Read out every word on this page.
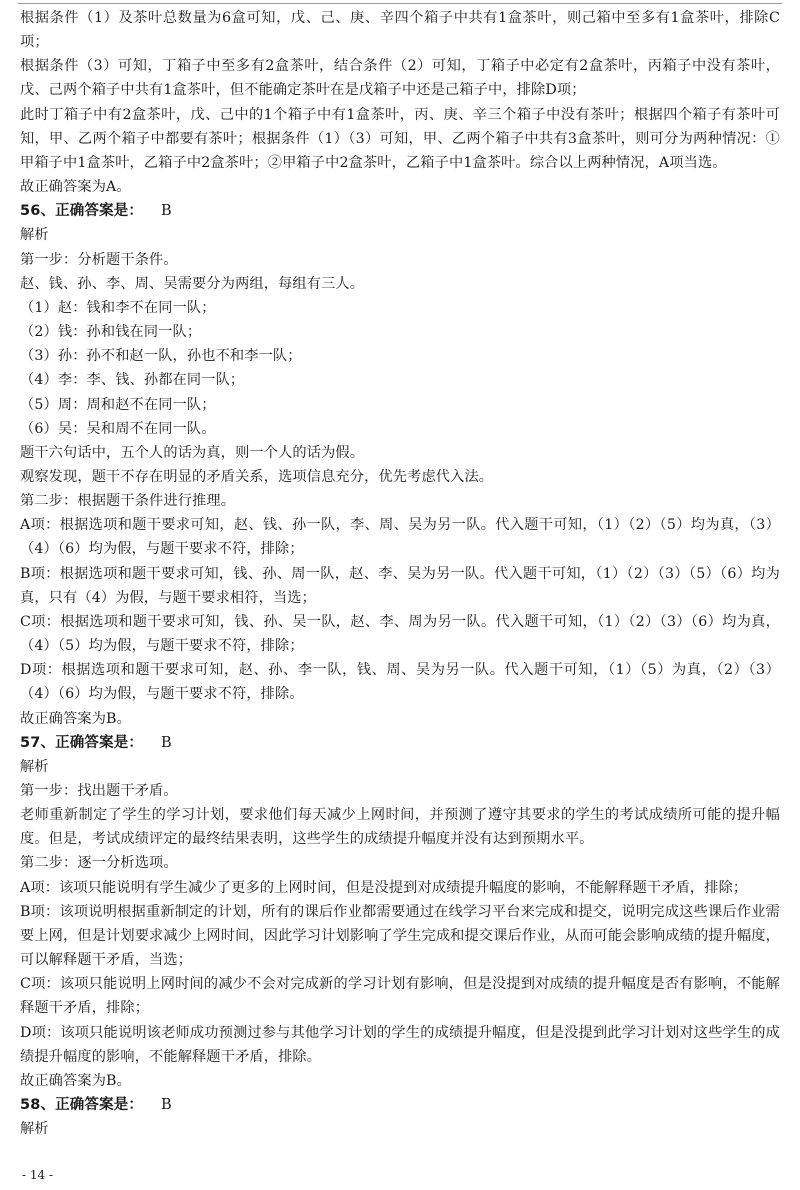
根据条件（1）及茶叶总数量为6盒可知，戊、己、庚、辛四个箱子中共有1盒茶叶，则己箱中至多有1盒茶叶，排除C项；

根据条件（3）可知，丁箱子中至多有2盒茶叶，结合条件（2）可知，丁箱子中必定有2盒茶叶，丙箱子中没有茶叶，戊、己两个箱子中共有1盒茶叶，但不能确定茶叶在是戊箱子中还是己箱子中，排除D项；

此时丁箱子中有2盒茶叶，戊、己中的1个箱子中有1盒茶叶，丙、庚、辛三个箱子中没有茶叶；根据四个箱子有茶叶可知，甲、乙两个箱子中都要有茶叶；根据条件（1）（3）可知，甲、乙两个箱子中共有3盒茶叶，则可分为两种情况：①甲箱子中1盒茶叶，乙箱子中2盒茶叶；②甲箱子中2盒茶叶，乙箱子中1盒茶叶。综合以上两种情况，A项当选。

故正确答案为A。

56、正确答案是： B

解析

第一步：分析题干条件。

赵、钱、孙、李、周、吴需要分为两组，每组有三人。

（1）赵：钱和李不在同一队；

（2）钱：孙和钱在同一队；

（3）孙：孙不和赵一队，孙也不和李一队；

（4）李：李、钱、孙都在同一队；

（5）周：周和赵不在同一队；

（6）吴：吴和周不在同一队。

题干六句话中，五个人的话为真，则一个人的话为假。

观察发现，题干不存在明显的矛盾关系，选项信息充分，优先考虑代入法。

第二步：根据题干条件进行推理。

A项：根据选项和题干要求可知，赵、钱、孙一队，李、周、吴为另一队。代入题干可知，（1）（2）（5）均为真，（3）（4）（6）均为假，与题干要求不符，排除；

B项：根据选项和题干要求可知，钱、孙、周一队，赵、李、吴为另一队。代入题干可知，（1）（2）（3）（5）（6）均为真，只有（4）为假，与题干要求相符，当选；

C项：根据选项和题干要求可知，钱、孙、吴一队，赵、李、周为另一队。代入题干可知，（1）（2）（3）（6）均为真，（4）（5）均为假，与题干要求不符，排除；

D项：根据选项和题干要求可知，赵、孙、李一队，钱、周、吴为另一队。代入题干可知，（1）（5）为真，（2）（3）（4）（6）均为假，与题干要求不符，排除。

故正确答案为B。

57、正确答案是： B

解析

第一步：找出题干矛盾。

老师重新制定了学生的学习计划，要求他们每天减少上网时间，并预测了遵守其要求的学生的考试成绩所可能的提升幅度。但是，考试成绩评定的最终结果表明，这些学生的成绩提升幅度并没有达到预期水平。

第二步：逐一分析选项。

A项：该项只能说明有学生减少了更多的上网时间，但是没提到对成绩提升幅度的影响，不能解释题干矛盾，排除；

B项：该项说明根据重新制定的计划，所有的课后作业都需要通过在线学习平台来完成和提交，说明完成这些课后作业需要上网，但是计划要求减少上网时间，因此学习计划影响了学生完成和提交课后作业，从而可能会影响成绩的提升幅度，可以解释题干矛盾，当选；

C项：该项只能说明上网时间的减少不会对完成新的学习计划有影响，但是没提到对成绩的提升幅度是否有影响，不能解释题干矛盾，排除；

D项：该项只能说明该老师成功预测过参与其他学习计划的学生的成绩提升幅度，但是没提到此学习计划对这些学生的成绩提升幅度的影响，不能解释题干矛盾，排除。

故正确答案为B。

58、正确答案是： B

解析

- 14 -
